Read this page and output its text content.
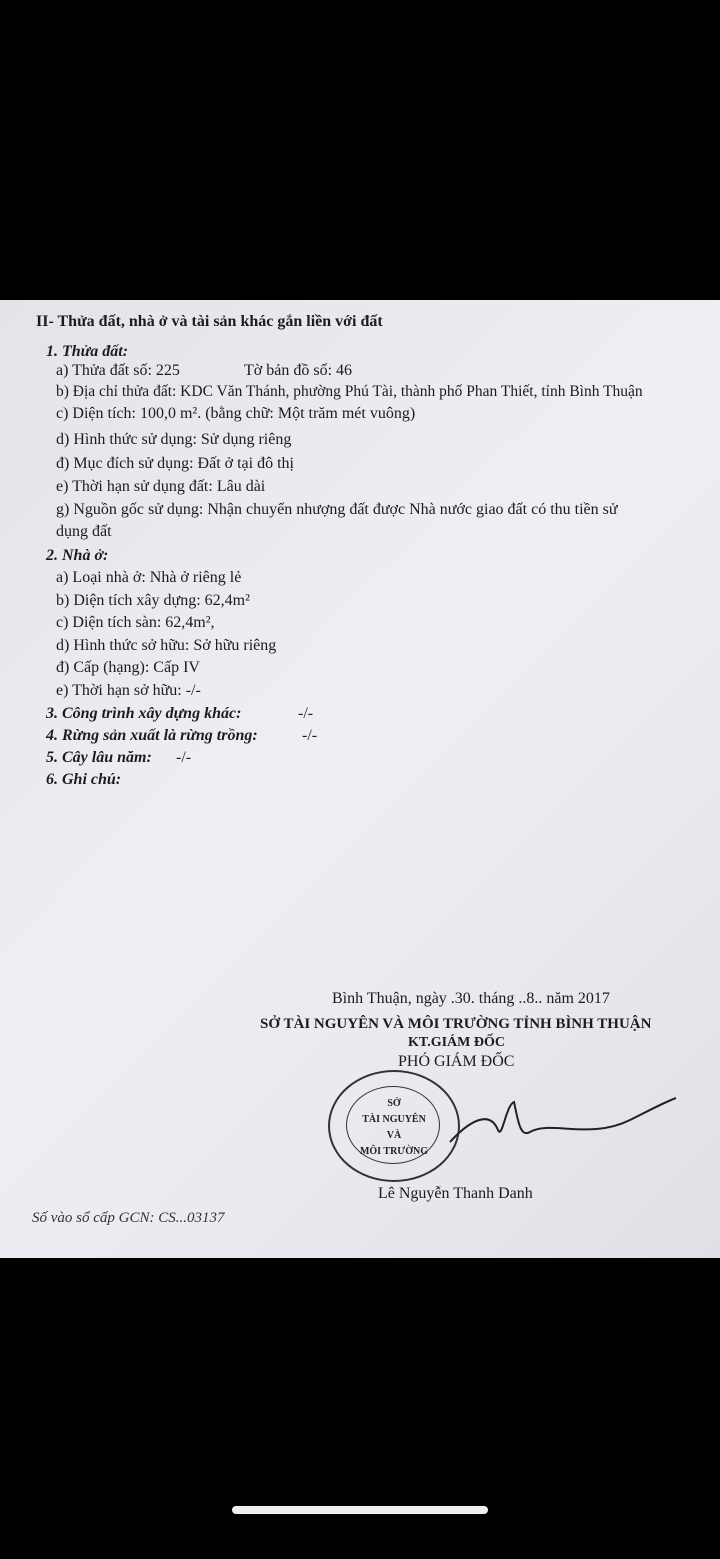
II- Thửa đất, nhà ở và tài sản khác gắn liền với đất
1. Thửa đất:
a) Thửa đất số: 225	Tờ bản đồ số: 46
b) Địa chỉ thửa đất: KDC Văn Thánh, phường Phú Tài, thành phố Phan Thiết, tỉnh Bình Thuận
c) Diện tích: 100,0 m². (bằng chữ: Một trăm mét vuông)
d) Hình thức sử dụng: Sử dụng riêng
đ) Mục đích sử dụng: Đất ở tại đô thị
e) Thời hạn sử dụng đất: Lâu dài
g) Nguồn gốc sử dụng: Nhận chuyển nhượng đất được Nhà nước giao đất có thu tiền sử
dụng đất
2. Nhà ở:
a) Loại nhà ở: Nhà ở riêng lẻ
b) Diện tích xây dựng: 62,4m²
c) Diện tích sàn: 62,4m²,
d) Hình thức sở hữu: Sở hữu riêng
đ) Cấp (hạng): Cấp IV
e) Thời hạn sở hữu: -/-
3. Công trình xây dựng khác:	-/-
4. Rừng sản xuất là rừng trồng:	-/-
5. Cây lâu năm: -/-
6. Ghi chú:
Bình Thuận, ngày .30. tháng ..8.. năm 2017
SỞ TÀI NGUYÊN VÀ MÔI TRƯỜNG TỈNH BÌNH THUẬN
KT.GIÁM ĐỐC
PHÓ GIÁM ĐỐC
SỞ
TÀI NGUYÊN
VÀ
MÔI TRƯỜNG
Lê Nguyễn Thanh Danh
Số vào sổ cấp GCN: CS...03137
